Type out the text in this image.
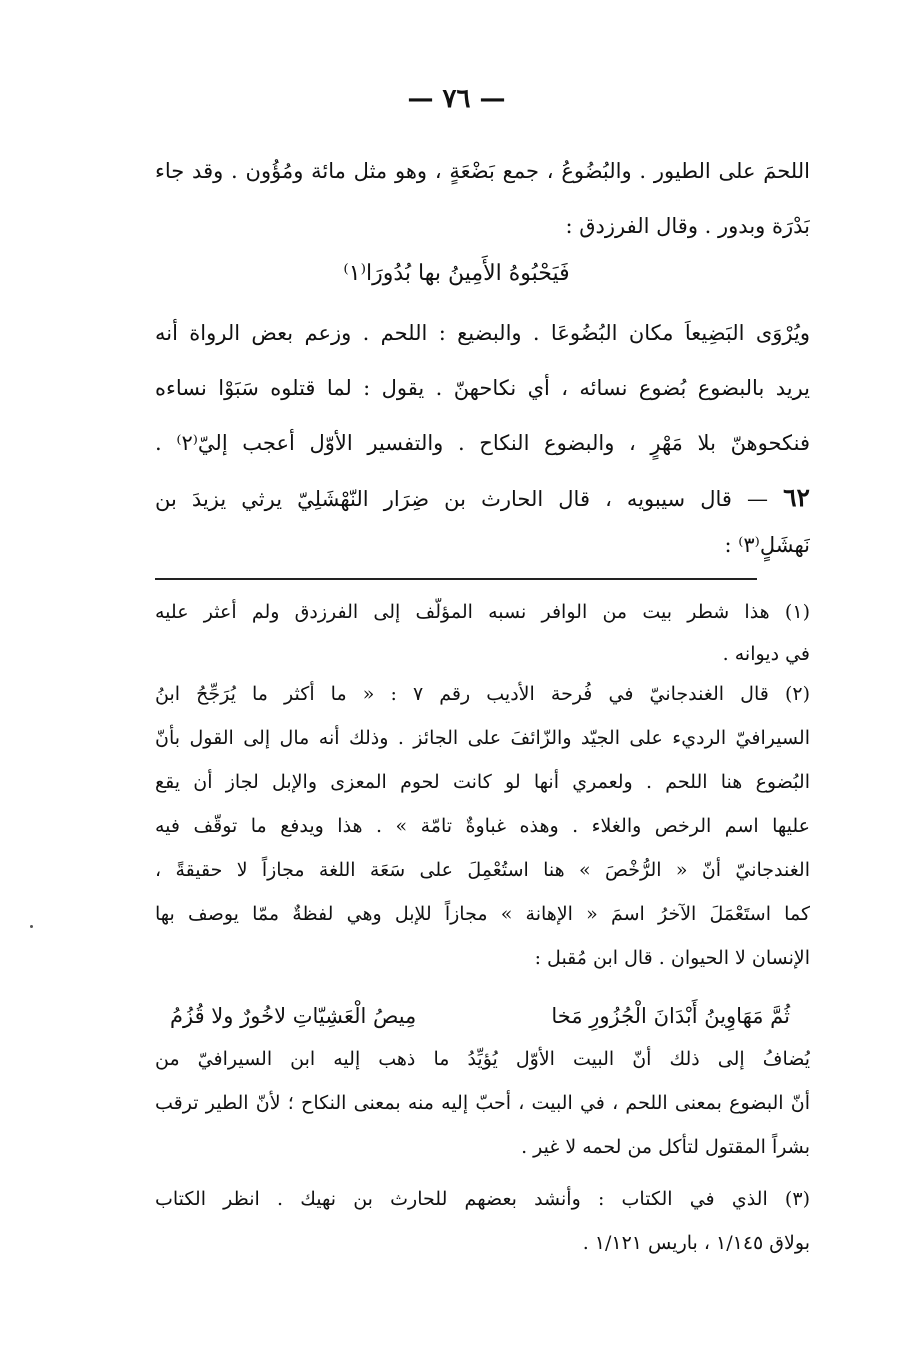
— ٧٦ —
اللحمَ على الطيور . والبُضُوعُ ، جمع بَضْعَةٍ ، وهو مثل مائة ومُؤُون . وقد جاء
بَدْرَة وبدور . وقال الفرزدق :
فَيَحْبُوهُ الأَمِينُ بها بُدُورَا⁽١⁾
ويُرْوَى البَضِيعاَ مكان البُضُوعَا . والبضيع : اللحم . وزعم بعض الرواة أنه
يريد بالبضوع بُضوع نسائه ، أي نكاحهنّ . يقول : لما قتلوه سَبَوْا نساءه
فنكحوهنّ بلا مَهْرٍ ، والبضوع النكاح . والتفسير الأوّل أعجب إليّ⁽٢⁾ .
٦٢ — قال سيبويه ، قال الحارث بن ضِرَار النّهْشَلِيّ يرثي يزيدَ بن
نَهشَلٍ⁽٣⁾ :
(١) هذا شطر بيت من الوافر نسبه المؤلّف إلى الفرزدق ولم أعثر عليه
في ديوانه .
(٢) قال الغندجانيّ في فُرحة الأديب رقم ٧ : « ما أكثر ما يُرَجِّحُ ابنُ
السيرافيّ الرديء على الجيّد والزّائفَ على الجائز . وذلك أنه مال إلى القول بأنّ
البُضوع هنا اللحم . ولعمري أنها لو كانت لحوم المعزى والإبل لجاز أن يقع
عليها اسم الرخص والغلاء . وهذه غباوةٌ تامّة » . هذا ويدفع ما توقّف فيه
الغندجانيّ أنّ « الرُّخْصَ » هنا استُعْمِلَ على سَعَة اللغة مجازاً لا حقيقةً ،
كما استَعْمَلَ الآخرُ اسمَ « الإهانة » مجازاً للإبل وهي لفظةٌ ممّا يوصف بها
الإنسان لا الحيوان . قال ابن مُقبل :
ثُمَّ مَهَاوِينُ أَبْدَانَ الْجُزُورِ مَخا
مِيصُ الْعَشِيّاتِ لاخُورٌ ولا قُزُمُ
يُضافُ إلى ذلك أنّ البيت الأوّل يُؤيِّدُ ما ذهب إليه ابن السيرافيّ من
أنّ البضوع بمعنى اللحم ، في البيت ، أحبّ إليه منه بمعنى النكاح ؛ لأنّ الطير ترقب
بشراً المقتول لتأكل من لحمه لا غير .
(٣) الذي في الكتاب : وأنشد بعضهم للحارث بن نهيك . انظر الكتاب
بولاق ١/١٤٥ ، باريس ١/١٢١ .
